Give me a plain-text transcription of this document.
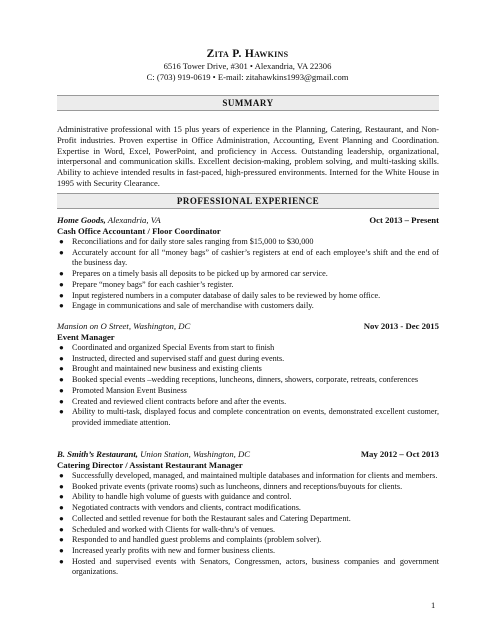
Zita P. Hawkins
6516 Tower Drive, #301 • Alexandria, VA 22306
C: (703) 919-0619 • E-mail: zitahawkins1993@gmail.com
SUMMARY
Administrative professional with 15 plus years of experience in the Planning, Catering, Restaurant, and Non-Profit industries. Proven expertise in Office Administration, Accounting, Event Planning and Coordination. Expertise in Word, Excel, PowerPoint, and proficiency in Access. Outstanding leadership, organizational, interpersonal and communication skills. Excellent decision-making, problem solving, and multi-tasking skills. Ability to achieve intended results in fast-paced, high-pressured environments. Interned for the White House in 1995 with Security Clearance.
PROFESSIONAL EXPERIENCE
Home Goods, Alexandria, VA	Oct 2013 – Present
Cash Office Accountant / Floor Coordinator
● Reconciliations and for daily store sales ranging from $15,000 to $30,000
● Accurately account for all “money bags” of cashier’s registers at end of each employee’s shift and the end of the business day.
● Prepares on a timely basis all deposits to be picked up by armored car service.
● Prepare “money bags” for each cashier’s register.
● Input registered numbers in a computer database of daily sales to be reviewed by home office.
● Engage in communications and sale of merchandise with customers daily.
Mansion on O Street, Washington, DC	Nov 2013 - Dec 2015
Event Manager
● Coordinated and organized Special Events from start to finish
● Instructed, directed and supervised staff and guest during events.
● Brought and maintained new business and existing clients
● Booked special events –wedding receptions, luncheons, dinners, showers, corporate, retreats, conferences
● Promoted Mansion Event Business
● Created and reviewed client contracts before and after the events.
● Ability to multi-task, displayed focus and complete concentration on events, demonstrated excellent customer, provided immediate attention.
B. Smith’s Restaurant, Union Station, Washington, DC	May 2012 – Oct 2013
Catering Director / Assistant Restaurant Manager
● Successfully developed, managed, and maintained multiple databases and information for clients and members.
● Booked private events (private rooms) such as luncheons, dinners and receptions/buyouts for clients.
● Ability to handle high volume of guests with guidance and control.
● Negotiated contracts with vendors and clients, contract modifications.
● Collected and settled revenue for both the Restaurant sales and Catering Department.
● Scheduled and worked with Clients for walk-thru’s of venues.
● Responded to and handled guest problems and complaints (problem solver).
● Increased yearly profits with new and former business clients.
● Hosted and supervised events with Senators, Congressmen, actors, business companies and government organizations.
1
